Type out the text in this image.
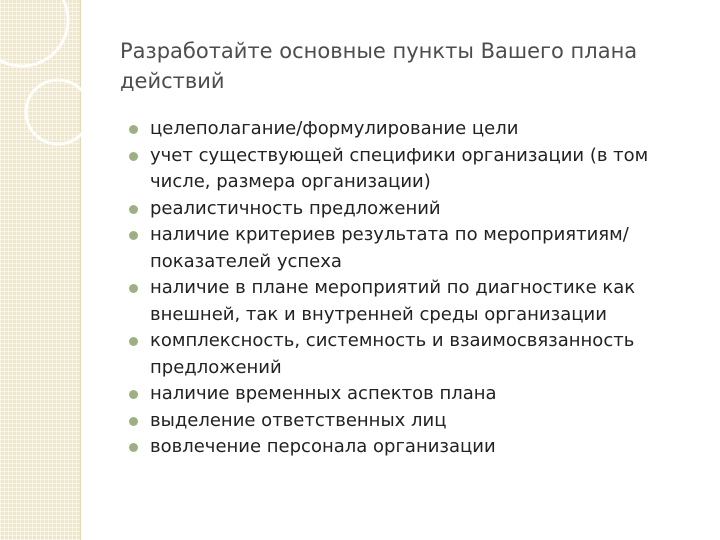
Разработайте основные пункты Вашего плана действий
целеполагание/формулирование цели
учет существующей специфики организации (в том числе, размера организации)
реалистичность предложений
наличие критериев результата по мероприятиям/показателей успеха
наличие в плане мероприятий по диагностике как внешней, так и внутренней среды организации
комплексность, системность и взаимосвязанность предложений
наличие временных аспектов плана
выделение ответственных лиц
вовлечение персонала организации
